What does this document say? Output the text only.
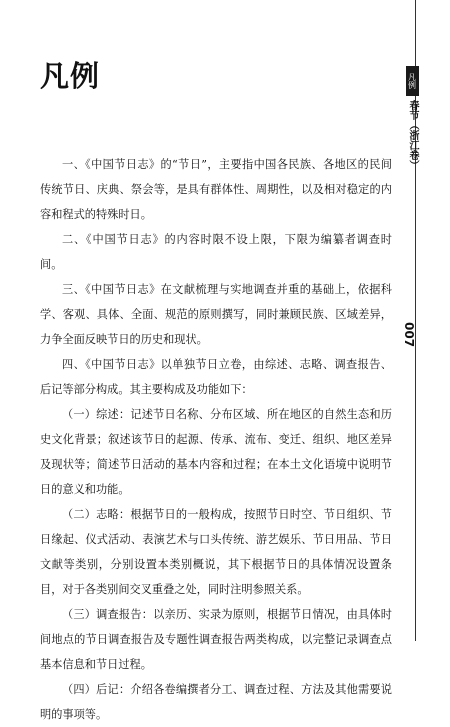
凡例

一、《中国节日志》的“节日”，主要指中国各民族、各地区的民间传统节日、庆典、祭会等，是具有群体性、周期性，以及相对稳定的内容和程式的特殊时日。

二、《中国节日志》的内容时限不设上限，下限为编纂者调查时间。

三、《中国节日志》在文献梳理与实地调查并重的基础上，依据科学、客观、具体、全面、规范的原则撰写，同时兼顾民族、区域差异，力争全面反映节日的历史和现状。

四、《中国节日志》以单独节日立卷，由综述、志略、调查报告、后记等部分构成。其主要构成及功能如下：

（一）综述：记述节日名称、分布区域、所在地区的自然生态和历史文化背景；叙述该节日的起源、传承、流布、变迁、组织、地区差异及现状等；简述节日活动的基本内容和过程；在本土文化语境中说明节日的意义和功能。

（二）志略：根据节日的一般构成，按照节日时空、节日组织、节日缘起、仪式活动、表演艺术与口头传统、游艺娱乐、节日用品、节日文献等类别，分别设置本类别概说，其下根据节日的具体情况设置条目，对于各类别间交叉重叠之处，同时注明参照关系。

（三）调查报告：以亲历、实录为原则，根据节日情况，由具体时间地点的节日调查报告及专题性调查报告两类构成，以完整记录调查点基本信息和节日过程。

（四）后记：介绍各卷编撰者分工、调查过程、方法及其他需要说明的事项等。

凡例
春节（浙江卷）
007
